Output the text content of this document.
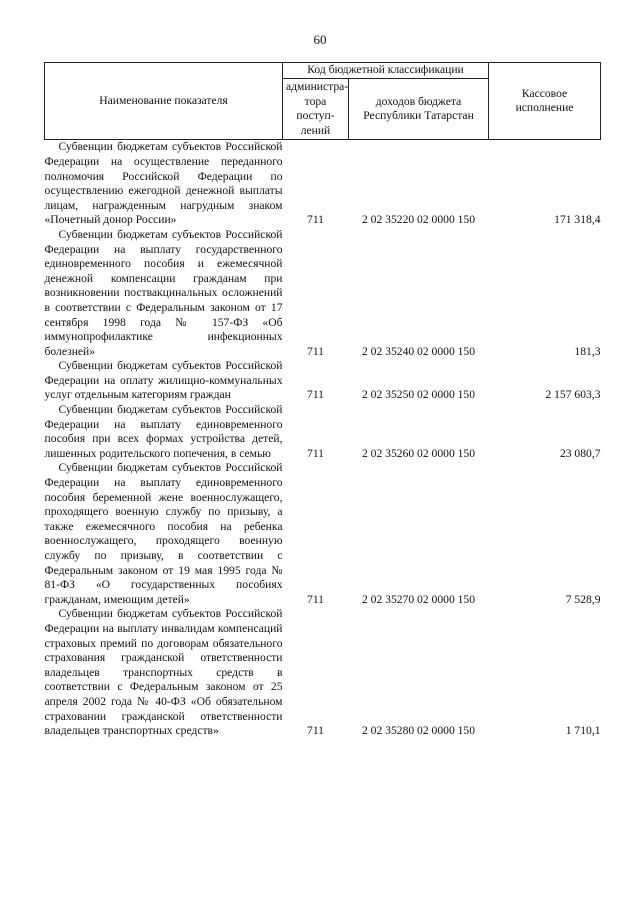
60
Наименование показателя	Код бюджетной классификации		Кассовое исполнение
	администра-тора поступ-лений	доходов бюджета Республики Татарстан	
Субвенции бюджетам субъектов Российской Федерации на осуществление переданного полномочия Российской Федерации по осуществлению ежегодной денежной выплаты лицам, награжденным нагрудным знаком «Почетный донор России»	711	2 02 35220 02 0000 150	171 318,4
Субвенции бюджетам субъектов Российской Федерации на выплату государственного единовременного пособия и ежемесячной денежной компенсации гражданам при возникновении поствакцинальных осложнений в соответствии с Федеральным законом от 17 сентября 1998 года № 157-ФЗ «Об иммунопрофилактике инфекционных болезней»	711	2 02 35240 02 0000 150	181,3
Субвенции бюджетам субъектов Российской Федерации на оплату жилищно-коммунальных услуг отдельным категориям граждан	711	2 02 35250 02 0000 150	2 157 603,3
Субвенции бюджетам субъектов Российской Федерации на выплату единовременного пособия при всех формах устройства детей, лишенных родительского попечения, в семью	711	2 02 35260 02 0000 150	23 080,7
Субвенции бюджетам субъектов Российской Федерации на выплату единовременного пособия беременной жене военнослужащего, проходящего военную службу по призыву, а также ежемесячного пособия на ребенка военнослужащего, проходящего военную службу по призыву, в соответствии с Федеральным законом от 19 мая 1995 года № 81-ФЗ «О государственных пособиях гражданам, имеющим детей»	711	2 02 35270 02 0000 150	7 528,9
Субвенции бюджетам субъектов Российской Федерации на выплату инвалидам компенсаций страховых премий по договорам обязательного страхования гражданской ответственности владельцев транспортных средств в соответствии с Федеральным законом от 25 апреля 2002 года № 40-ФЗ «Об обязательном страховании гражданской ответственности владельцев транспортных средств»	711	2 02 35280 02 0000 150	1 710,1
